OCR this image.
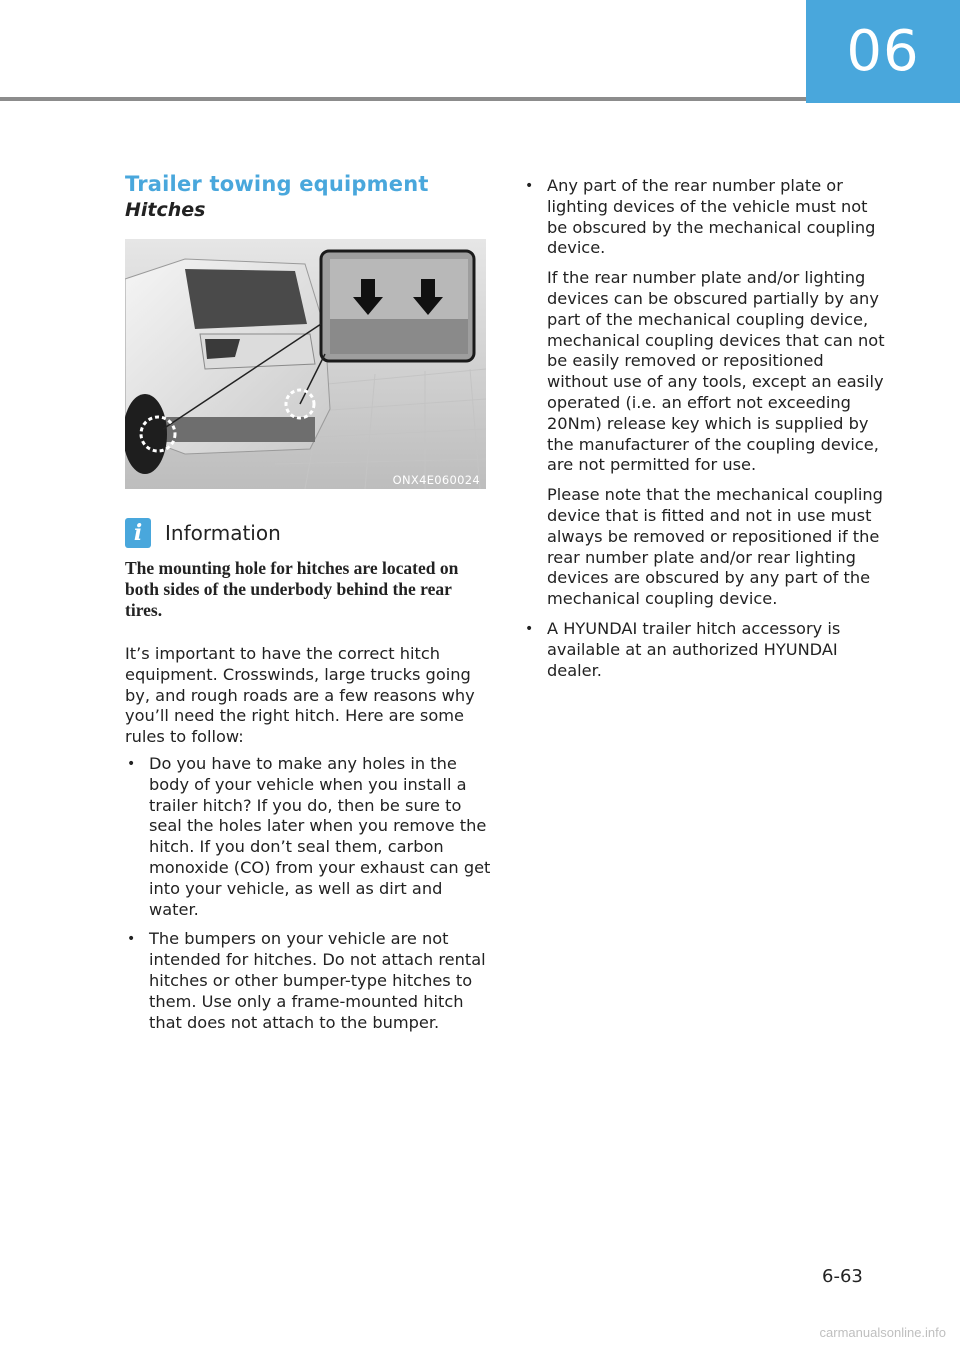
06
Trailer towing equipment
Hitches
ONX4E060024
i	Information

The mounting hole for hitches are located on both sides of the underbody behind the rear tires.

It’s important to have the correct hitch equipment. Crosswinds, large trucks going by, and rough roads are a few reasons why you’ll need the right hitch. Here are some rules to follow:

• Do you have to make any holes in the body of your vehicle when you install a trailer hitch? If you do, then be sure to seal the holes later when you remove the hitch. If you don’t seal them, carbon monoxide (CO) from your exhaust can get into your vehicle, as well as dirt and water.
• The bumpers on your vehicle are not intended for hitches. Do not attach rental hitches or other bumper-type hitches to them. Use only a frame-mounted hitch that does not attach to the bumper.
• Any part of the rear number plate or lighting devices of the vehicle must not be obscured by the mechanical coupling device.
If the rear number plate and/or lighting devices can be obscured partially by any part of the mechanical coupling device, mechanical coupling devices that can not be easily removed or repositioned without use of any tools, except an easily operated (i.e. an effort not exceeding 20Nm) release key which is supplied by the manufacturer of the coupling device, are not permitted for use.
Please note that the mechanical coupling device that is fitted and not in use must always be removed or repositioned if the rear number plate and/or rear lighting devices are obscured by any part of the mechanical coupling device.
• A HYUNDAI trailer hitch accessory is available at an authorized HYUNDAI dealer.
6-63
carmanualsonline.info
